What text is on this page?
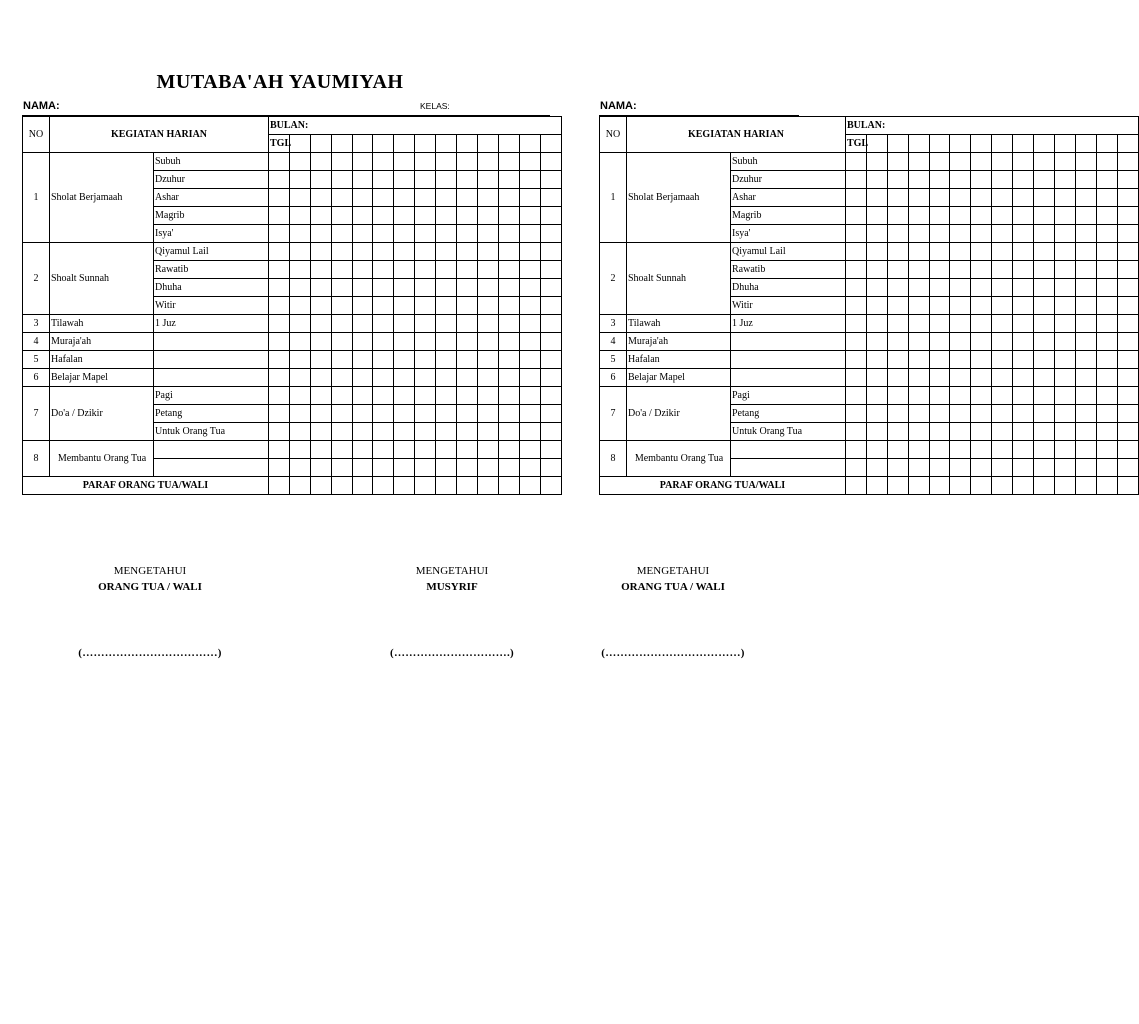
MUTABA'AH YAUMIYAH
NAMA:	KELAS:
NO	KEGIATAN HARIAN		BULAN:													
			TGL													
1	Sholat Berjamaah	Subuh														
		Dzuhur														
		Ashar														
		Magrib														
		Isya'														
2	Shoalt Sunnah	Qiyamul Lail														
		Rawatib														
		Dhuha														
		Witir														
3	Tilawah	1 Juz														
4	Muraja'ah															
5	Hafalan															
6	Belajar Mapel															
7	Do'a / Dzikir	Pagi														
		Petang														
		Untuk Orang Tua														
8	Membantu Orang Tua															

PARAF ORANG TUA/WALI																
MENGETAHUI
ORANG TUA / WALI
(………………………………)
MENGETAHUI
MUSYRIF
(………………………….)
NAMA:
NO	KEGIATAN HARIAN		BULAN:													
			TGL													
1	Sholat Berjamaah	Subuh														
		Dzuhur														
		Ashar														
		Magrib														
		Isya'														
2	Shoalt Sunnah	Qiyamul Lail														
		Rawatib														
		Dhuha														
		Witir														
3	Tilawah	1 Juz														
4	Muraja'ah															
5	Hafalan															
6	Belajar Mapel															
7	Do'a / Dzikir	Pagi														
		Petang														
		Untuk Orang Tua														
8	Membantu Orang Tua															

PARAF ORANG TUA/WALI																
MENGETAHUI
ORANG TUA / WALI
(………………………………)
